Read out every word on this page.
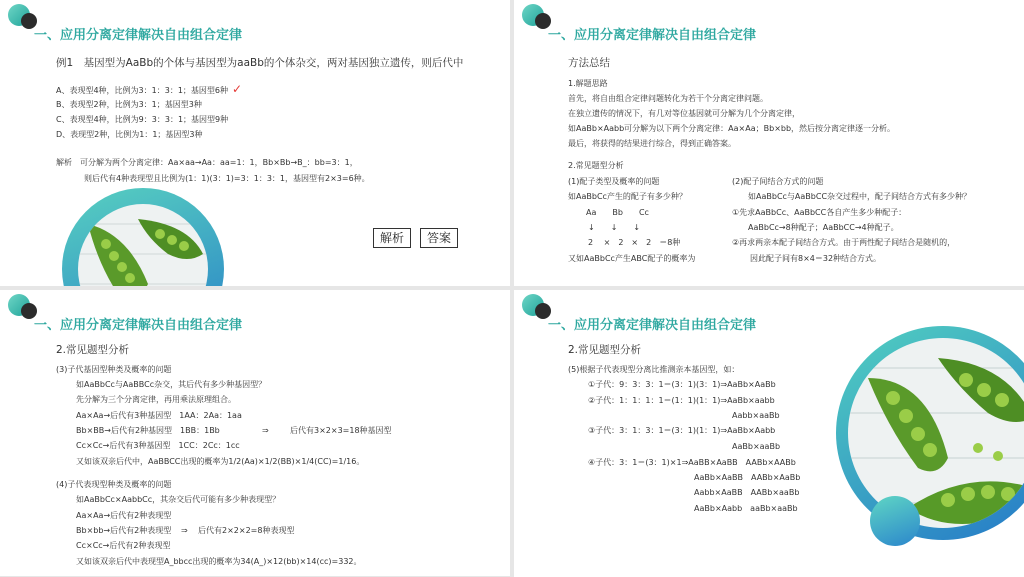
一、应用分离定律解决自由组合定律
例1　基因型为AaBb的个体与基因型为aaBb的个体杂交，两对基因独立遗传，则后代中
A、表现型4种，比例为3：1：3：1；基因型6种 ✓
B、表现型2种，比例为3：1；基因型3种
C、表现型4种，比例为9：3：3：1；基因型9种
D、表现型2种，比例为1：1；基因型3种
解析　可分解为两个分离定律：Aa×aa→Aa：aa=1：1，Bb×Bb→B_：bb=3：1，
则后代有4种表现型且比例为(1：1)(3：1)=3：1：3：1，基因型有2×3=6种。
解析	答案
一、应用分离定律解决自由组合定律
方法总结
1.解题思路
首先，将自由组合定律问题转化为若干个分离定律问题。
在独立遗传的情况下，有几对等位基因就可分解为几个分离定律，
如AaBb×Aabb可分解为以下两个分离定律：Aa×Aa；Bb×bb，然后按分离定律逐一分析。
最后，将获得的结果进行综合，得到正确答案。
2.常见题型分析
(1)配子类型及概率的问题
如AaBbCc产生的配子有多少种？
Aa　　Bb　　Cc
↓　　↓　　↓
2　 ×　2　×　2　＝8种
又如AaBbCc产生ABC配子的概率为
(2)配子间结合方式的问题
如AaBbCc与AaBbCC杂交过程中，配子间结合方式有多少种？
①先求AaBbCc、AaBbCC各自产生多少种配子：
AaBbCc→8种配子；AaBbCC→4种配子。
②再求两亲本配子间结合方式。由于两性配子间结合是随机的，
因此配子间有8×4＝32种结合方式。
一、应用分离定律解决自由组合定律
2.常见题型分析
(3)子代基因型种类及概率的问题
如AaBbCc与AaBBCc杂交，其后代有多少种基因型？
先分解为三个分离定律，再用乘法原理组合。
Aa×Aa→后代有3种基因型　1AA：2Aa：1aa
Bb×BB→后代有2种基因型　1BB：1Bb	⇒	后代有3×2×3=18种基因型
Cc×Cc→后代有3种基因型　1CC：2Cc：1cc
又如该双亲后代中，AaBBCC出现的概率为1/2(Aa)×1/2(BB)×1/4(CC)=1/16。
(4)子代表现型种类及概率的问题
如AaBbCc×AabbCc，其杂交后代可能有多少种表现型？
Aa×Aa→后代有2种表现型
Bb×bb→后代有2种表现型 ⇒ 后代有2×2×2=8种表现型
Cc×Cc→后代有2种表现型
又如该双亲后代中表现型A_bbcc出现的概率为34(A_)×12(bb)×14(cc)=332。
一、应用分离定律解决自由组合定律
2.常见题型分析
(5)根据子代表现型分离比推测亲本基因型，如：
①子代：9：3：3：1＝(3：1)(3：1)⇒AaBb×AaBb
②子代：1：1：1：1＝(1：1)(1：1)⇒AaBb×aabb
Aabb×aaBb
③子代：3：1：3：1＝(3：1)(1：1)⇒AaBb×Aabb
AaBb×aaBb
④子代：3：1＝(3：1)×1⇒AaBB×AaBB　AABb×AABb
AaBb×AaBB　AABb×AaBb
Aabb×AaBB　AABb×aaBb
AaBb×Aabb　aaBb×aaBb
